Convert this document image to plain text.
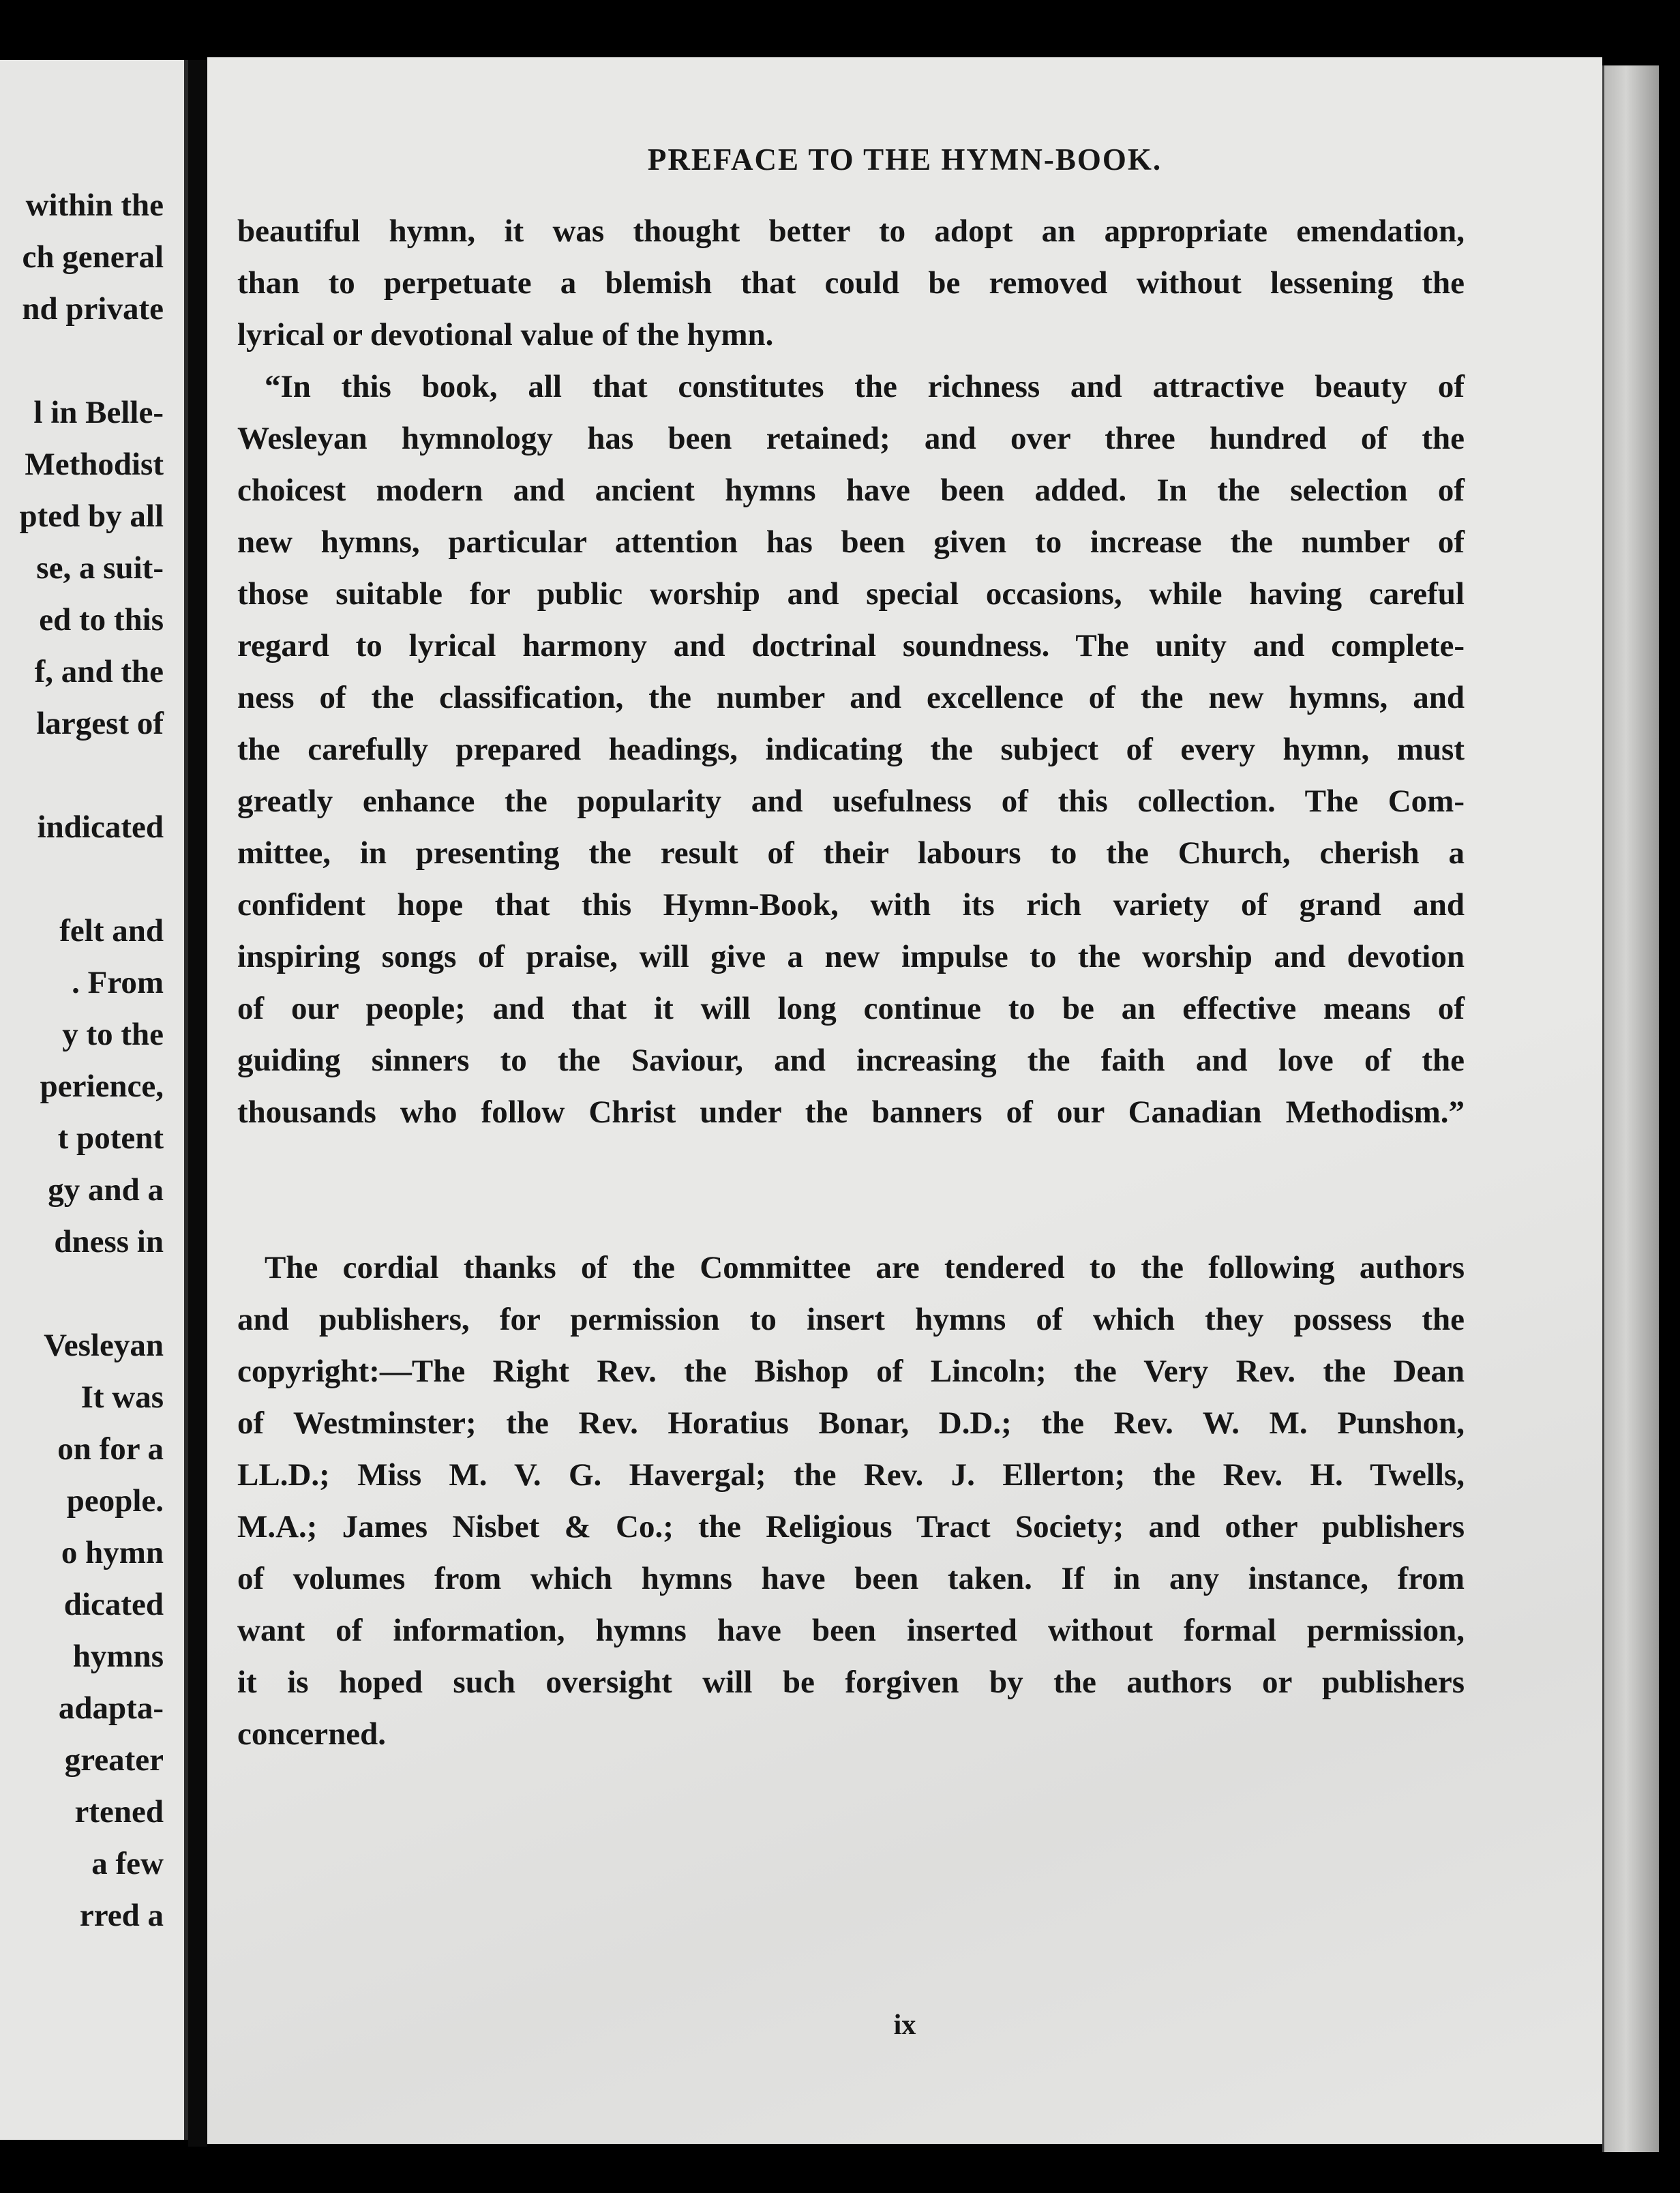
within the
ch general
nd private
l in Belle-
Methodist
pted by all
se, a suit-
ed to this
f, and the
largest of
indicated
felt and
. From
y to the
perience,
t potent
gy and a
dness in
Vesleyan
It was
on for a
people.
o hymn
dicated
hymns
adapta-
greater
rtened
a few
rred a
PREFACE TO THE HYMN-BOOK.
beautiful hymn, it was thought better to adopt an appropriate emendation,
than to perpetuate a blemish that could be removed without lessening the
lyrical or devotional value of the hymn.
“In this book, all that constitutes the richness and attractive beauty of
Wesleyan hymnology has been retained; and over three hundred of the
choicest modern and ancient hymns have been added. In the selection of
new hymns, particular attention has been given to increase the number of
those suitable for public worship and special occasions, while having careful
regard to lyrical harmony and doctrinal soundness. The unity and complete-
ness of the classification, the number and excellence of the new hymns, and
the carefully prepared headings, indicating the subject of every hymn, must
greatly enhance the popularity and usefulness of this collection. The Com-
mittee, in presenting the result of their labours to the Church, cherish a
confident hope that this Hymn-Book, with its rich variety of grand and
inspiring songs of praise, will give a new impulse to the worship and devotion
of our people; and that it will long continue to be an effective means of
guiding sinners to the Saviour, and increasing the faith and love of the
thousands who follow Christ under the banners of our Canadian Methodism.”
The cordial thanks of the Committee are tendered to the following authors
and publishers, for permission to insert hymns of which they possess the
copyright:—The Right Rev. the Bishop of Lincoln; the Very Rev. the Dean
of Westminster; the Rev. Horatius Bonar, D.D.; the Rev. W. M. Punshon,
LL.D.; Miss M. V. G. Havergal; the Rev. J. Ellerton; the Rev. H. Twells,
M.A.; James Nisbet & Co.; the Religious Tract Society; and other publishers
of volumes from which hymns have been taken. If in any instance, from
want of information, hymns have been inserted without formal permission,
it is hoped such oversight will be forgiven by the authors or publishers
concerned.
ix
